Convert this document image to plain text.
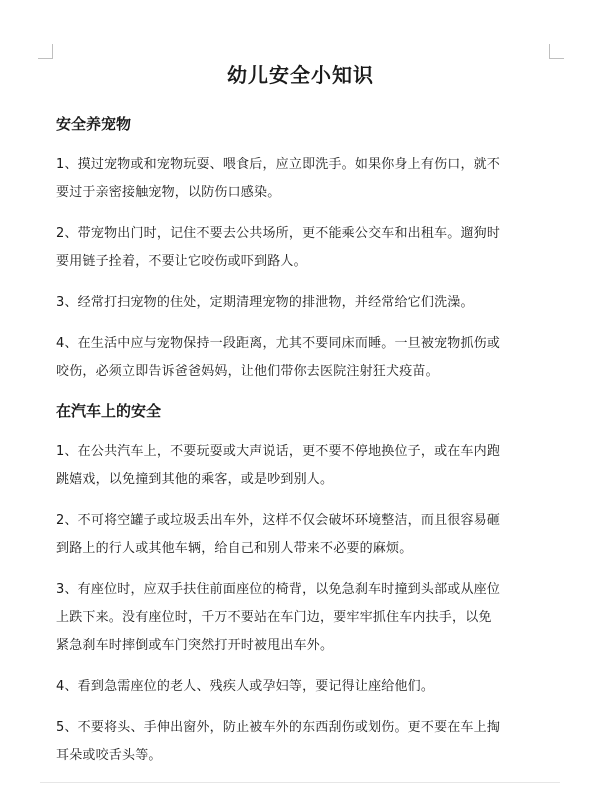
幼儿安全小知识
安全养宠物
1、摸过宠物或和宠物玩耍、喂食后，应立即洗手。如果你身上有伤口，就不
要过于亲密接触宠物，以防伤口感染。
2、带宠物出门时，记住不要去公共场所，更不能乘公交车和出租车。遛狗时
要用链子拴着，不要让它咬伤或吓到路人。
3、经常打扫宠物的住处，定期清理宠物的排泄物，并经常给它们洗澡。
4、在生活中应与宠物保持一段距离，尤其不要同床而睡。一旦被宠物抓伤或
咬伤，必须立即告诉爸爸妈妈，让他们带你去医院注射狂犬疫苗。
在汽车上的安全
1、在公共汽车上，不要玩耍或大声说话，更不要不停地换位子，或在车内跑
跳嬉戏，以免撞到其他的乘客，或是吵到别人。
2、不可将空罐子或垃圾丢出车外，这样不仅会破坏环境整洁，而且很容易砸
到路上的行人或其他车辆，给自己和别人带来不必要的麻烦。
3、有座位时，应双手扶住前面座位的椅背，以免急刹车时撞到头部或从座位
上跌下来。没有座位时，千万不要站在车门边，要牢牢抓住车内扶手，以免
紧急刹车时摔倒或车门突然打开时被甩出车外。
4、看到急需座位的老人、残疾人或孕妇等，要记得让座给他们。
5、不要将头、手伸出窗外，防止被车外的东西刮伤或划伤。更不要在车上掏
耳朵或咬舌头等。
